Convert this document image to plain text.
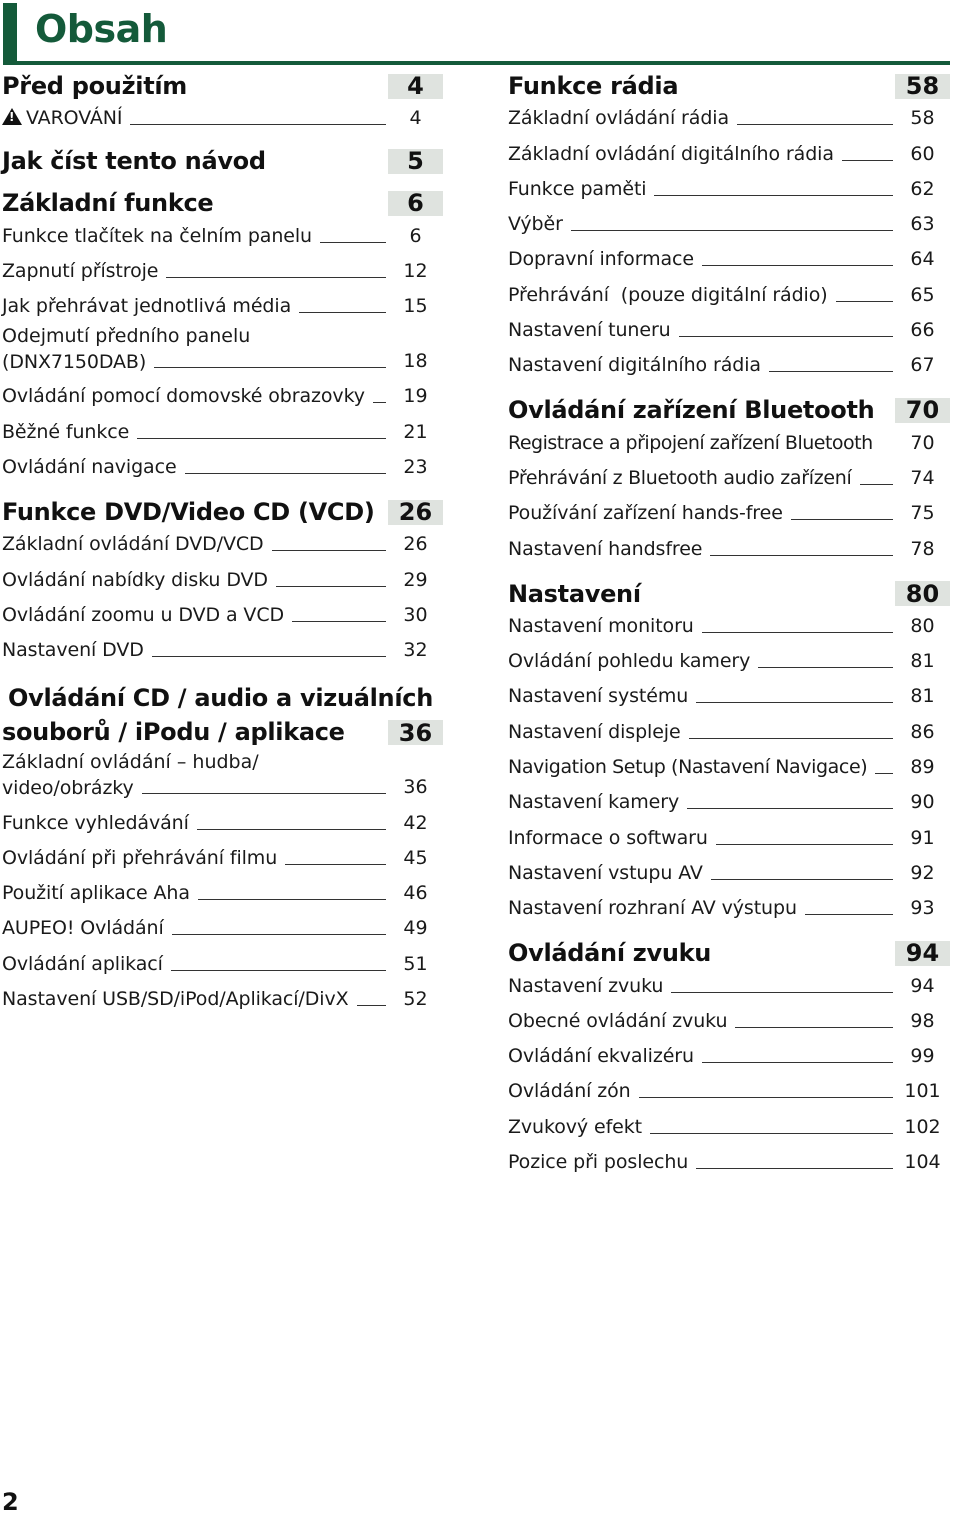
Obsah
Před použitím	4
!VAROVÁNÍ	4
Jak číst tento návod	5
Základní funkce	6
Funkce tlačítek na čelním panelu	6
Zapnutí přístroje	12
Jak přehrávat jednotlivá média	15
Odejmutí předního panelu
(DNX7150DAB)	18
Ovládání pomocí domovské obrazovky	19
Běžné funkce	21
Ovládání navigace	23
Funkce DVD/Video CD (VCD)	26
Základní ovládání DVD/VCD	26
Ovládání nabídky disku DVD	29
Ovládání zoomu u DVD a VCD	30
Nastavení DVD	32
Ovládání CD / audio a vizuálních
souborů / iPodu / aplikace	36
Základní ovládání – hudba/
video/obrázky	36
Funkce vyhledávání	42
Ovládání při přehrávání filmu	45
Použití aplikace Aha	46
AUPEO! Ovládání	49
Ovládání aplikací	51
Nastavení USB/SD/iPod/Aplikací/DivX	52
Funkce rádia	58
Základní ovládání rádia	58
Základní ovládání digitálního rádia	60
Funkce paměti	62
Výběr	63
Dopravní informace	64
Přehrávání  (pouze digitální rádio)	65
Nastavení tuneru	66
Nastavení digitálního rádia	67
Ovládání zařízení Bluetooth	70
Registrace a připojení zařízení Bluetooth	70
Přehrávání z Bluetooth audio zařízení	74
Používání zařízení hands-free	75
Nastavení handsfree	78
Nastavení	80
Nastavení monitoru	80
Ovládání pohledu kamery	81
Nastavení systému	81
Nastavení displeje	86
Navigation Setup (Nastavení Navigace)	89
Nastavení kamery	90
Informace o softwaru	91
Nastavení vstupu AV	92
Nastavení rozhraní AV výstupu	93
Ovládání zvuku	94
Nastavení zvuku	94
Obecné ovládání zvuku	98
Ovládání ekvalizéru	99
Ovládání zón	101
Zvukový efekt	102
Pozice při poslechu	104
2
